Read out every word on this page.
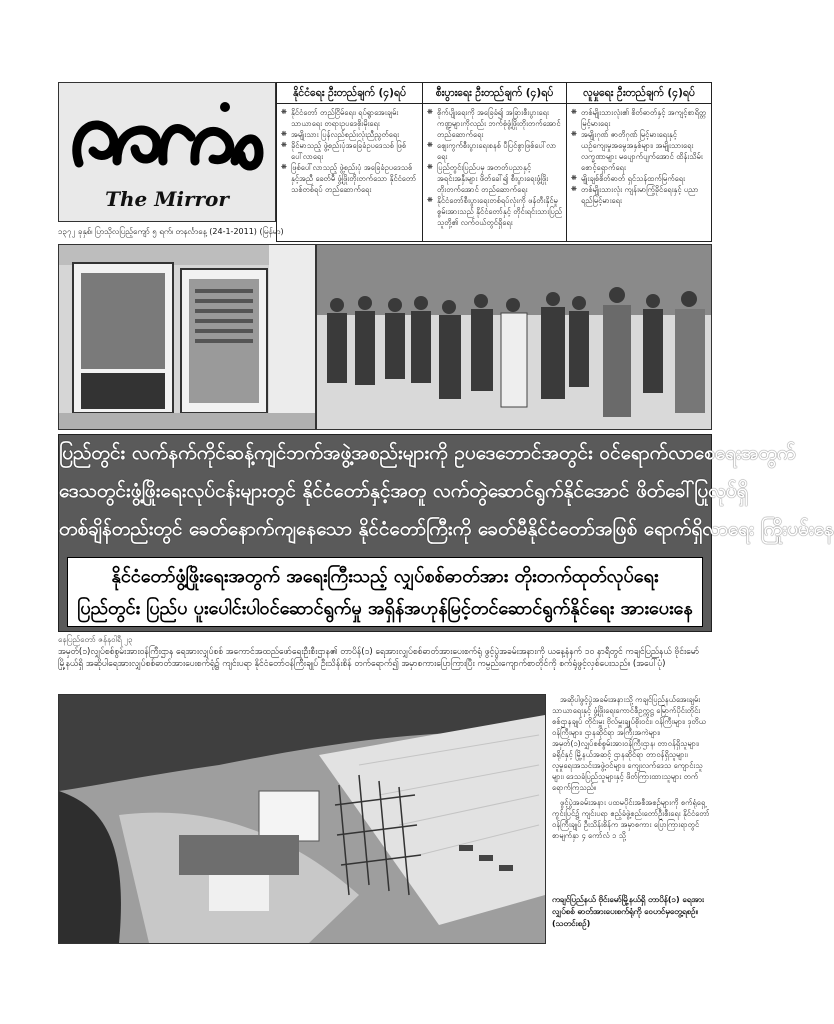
The Mirror
၁၃၇၂ ခုနှစ်၊ ပြာသိုလပြည့်ကျော် ၅ ရက်၊ တနင်္လာနေ့ (24-1-2011) (မြန်မာ)
နိုင်ငံရေး ဦးတည်ချက် (၄)ရပ်
❋ နိုင်ငံတော် တည်ငြိမ်ရေး၊ ရပ်ရွာအေးချမ်းသာယာရေး တရားဥပဒေစိုးမိုးရေး
❋ အမျိုးသား ပြန်လည်စည်းလုံးညီညွတ်ရေး
❋ ခိုင်မာသည့် ဖွဲ့စည်းပုံအခြေခံဥပဒေသစ် ဖြစ်ပေါ်လာရေး
❋ ဖြစ်ပေါ်လာသည့် ဖွဲ့စည်းပုံ အခြေခံဥပဒေသစ်နှင့်အညီ ခေတ်မီ ဖွံ့ဖြိုးတိုးတက်သော နိုင်ငံတော်သစ်တစ်ရပ် တည်ဆောက်ရေး
စီးပွားရေး ဦးတည်ချက် (၄)ရပ်
❋ စိုက်ပျိုးရေးကို အခြေခံ၍ အခြားစီးပွားရေးကဏ္ဍများကိုလည်း ဘက်စုံဖွံ့ဖြိုးတိုးတက်အောင် တည်ဆောက်ရေး
❋ ဈေးကွက်စီးပွားရေးစနစ် ပီပြင်စွာဖြစ်ပေါ်လာရေး
❋ ပြည်တွင်းပြည်ပမှ အတတ်ပညာနှင့် အရင်းအနှီးများ ဖိတ်ခေါ်၍ စီးပွားရေးဖွံ့ဖြိုးတိုးတက်အောင် တည်ဆောက်ရေး
❋ နိုင်ငံတော်စီးပွားရေးတစ်ရပ်လုံးကို ဖန်တီးနိုင်မှုစွမ်းအားသည် နိုင်ငံတော်နှင့် တိုင်းရင်းသားပြည်သူတို့၏ လက်ဝယ်တွင်ရှိရေး
လူမှုရေး ဦးတည်ချက် (၄)ရပ်
❋ တစ်မျိုးသားလုံး၏ စိတ်ဓာတ်နှင့် အကျင့်စာရိတ္တမြင့်မားရေး
❋ အမျိုးဂုဏ် ဇာတိဂုဏ် မြင့်မားရေးနှင့် ယဉ်ကျေးမှုအမွေအနှစ်များ၊ အမျိုးသားရေးလက္ခဏာများ မပျောက်ပျက်အောင် ထိန်းသိမ်းစောင့်ရှောက်ရေး
❋ မျိုးချစ်စိတ်ဓာတ် ရှင်သန်ထက်မြက်ရေး
❋ တစ်မျိုးသားလုံး ကျန်းမာကြံ့ခိုင်ရေးနှင့် ပညာရည်မြင့်မားရေး
ပြည်တွင်း လက်နက်ကိုင်ဆန့်ကျင်ဘက်အဖွဲ့အစည်းများကို ဥပဒေဘောင်အတွင်း ဝင်ရောက်လာစေရေးအတွက်
ဒေသတွင်းဖွံ့ဖြိုးရေးလုပ်ငန်းများတွင် နိုင်ငံတော်နှင့်အတူ လက်တွဲဆောင်ရွက်နိုင်အောင် ဖိတ်ခေါ်ပြုလုပ်ရှိ
တစ်ချိန်တည်းတွင် ခေတ်နောက်ကျနေသော နိုင်ငံတော်ကြီးကို ခေတ်မီနိုင်ငံတော်အဖြစ် ရောက်ရှိလာရေး ကြိုးပမ်းနေ
နိုင်ငံတော်ဖွံ့ဖြိုးရေးအတွက် အရေးကြီးသည့် လျှပ်စစ်ဓာတ်အား တိုးတက်ထုတ်လုပ်ရေး
ပြည်တွင်း ပြည်ပ ပူးပေါင်းပါဝင်ဆောင်ရွက်မှု အရှိန်အဟုန်မြင့်တင်ဆောင်ရွက်နိုင်ရေး အားပေးနေ
နေပြည်တော် ဇန်နဝါရီ ၂၃
အမှတ်(၁)လျှပ်စစ်စွမ်းအားဝန်ကြီးဌာန ရေအားလျှပ်စစ် အကောင်အထည်ဖော်ရေးဦးစီးဌာန၏ တာပိန်(၁) ရေအားလျှပ်စစ်ဓာတ်အားပေးစက်ရုံ ဖွင့်ပွဲအခမ်းအနားကို ယနေ့နံနက် ၁၀ နာရီတွင် ကချင်ပြည်နယ် ဗိုင်းမော်မြို့နယ်ရှိ အဆိုပါရေအားလျှပ်စစ်ဓာတ်အားပေးစက်ရုံ၌ ကျင်းပရာ နိုင်ငံတော်ဝန်ကြီးချုပ် ဦးသိန်းစိန် တက်ရောက်၍ အမှာစကားပြောကြားပြီး ကမ္ပည်းကျောက်စာတိုင်ကို စက်ရုံဖွင့်လှစ်ပေးသည်။ (အပေါ်ပုံ)

အဆိုပါဖွင့်ပွဲအခမ်းအနားသို့ ကချင်ပြည်နယ်အေးချမ်းသာယာရေးနှင့် ဖွံ့ဖြိုးရေးကောင်စီဥက္ကဋ္ဌ မြောက်ပိုင်းတိုင်းစစ်ဌာနချုပ် တိုင်းမှူး ဗိုလ်မှူးချုပ်စိုးဝင်း၊ ဝန်ကြီးများ၊ ဒုတိယဝန်ကြီးများ၊ ဌာနဆိုင်ရာ အကြီးအကဲများ၊ အမှတ်(၁)လျှပ်စစ်စွမ်းအားဝန်ကြီးဌာန၊ တာဝန်ရှိသူများ၊ ခရိုင်နှင့် မြို့နယ်အဆင့် ဌာနဆိုင်ရာ တာဝန်ရှိသူများ၊ လူမှုရေးအသင်းအဖွဲ့ဝင်များ၊ ကျေးလက်ဒေသ ကျောင်းသူများ၊ ဒေသခံပြည်သူများနှင့် ဖိတ်ကြားထားသူများ တက်ရောက်ကြသည်။

ဖွင့်ပွဲအခမ်းအနား ပထမပိုင်းအစီအစဉ်များကို စက်ရုံရှေ့ကွင်းပြင်၌ ကျင်းပရာ ဧည့်ခံဖွဲ့စည်းတော်ဦးစီးရေး နိုင်ငံတော်ဝန်ကြီးချုပ် ဦးသိန်းစိန်က အမှာစကား ပြောကြားရာတွင် စာမျက်နှာ ၄ ကော်လံ ၁ သို့

ကချင်ပြည်နယ် ဗိုင်းမော်မြို့နယ်ရှိ တာပိန်(၁) ရေအားလျှပ်စစ် ဓာတ်အားပေးစက်ရုံကို ဝေဟင်မှတွေ့ရစဉ်။ (သတင်းစဉ်)
